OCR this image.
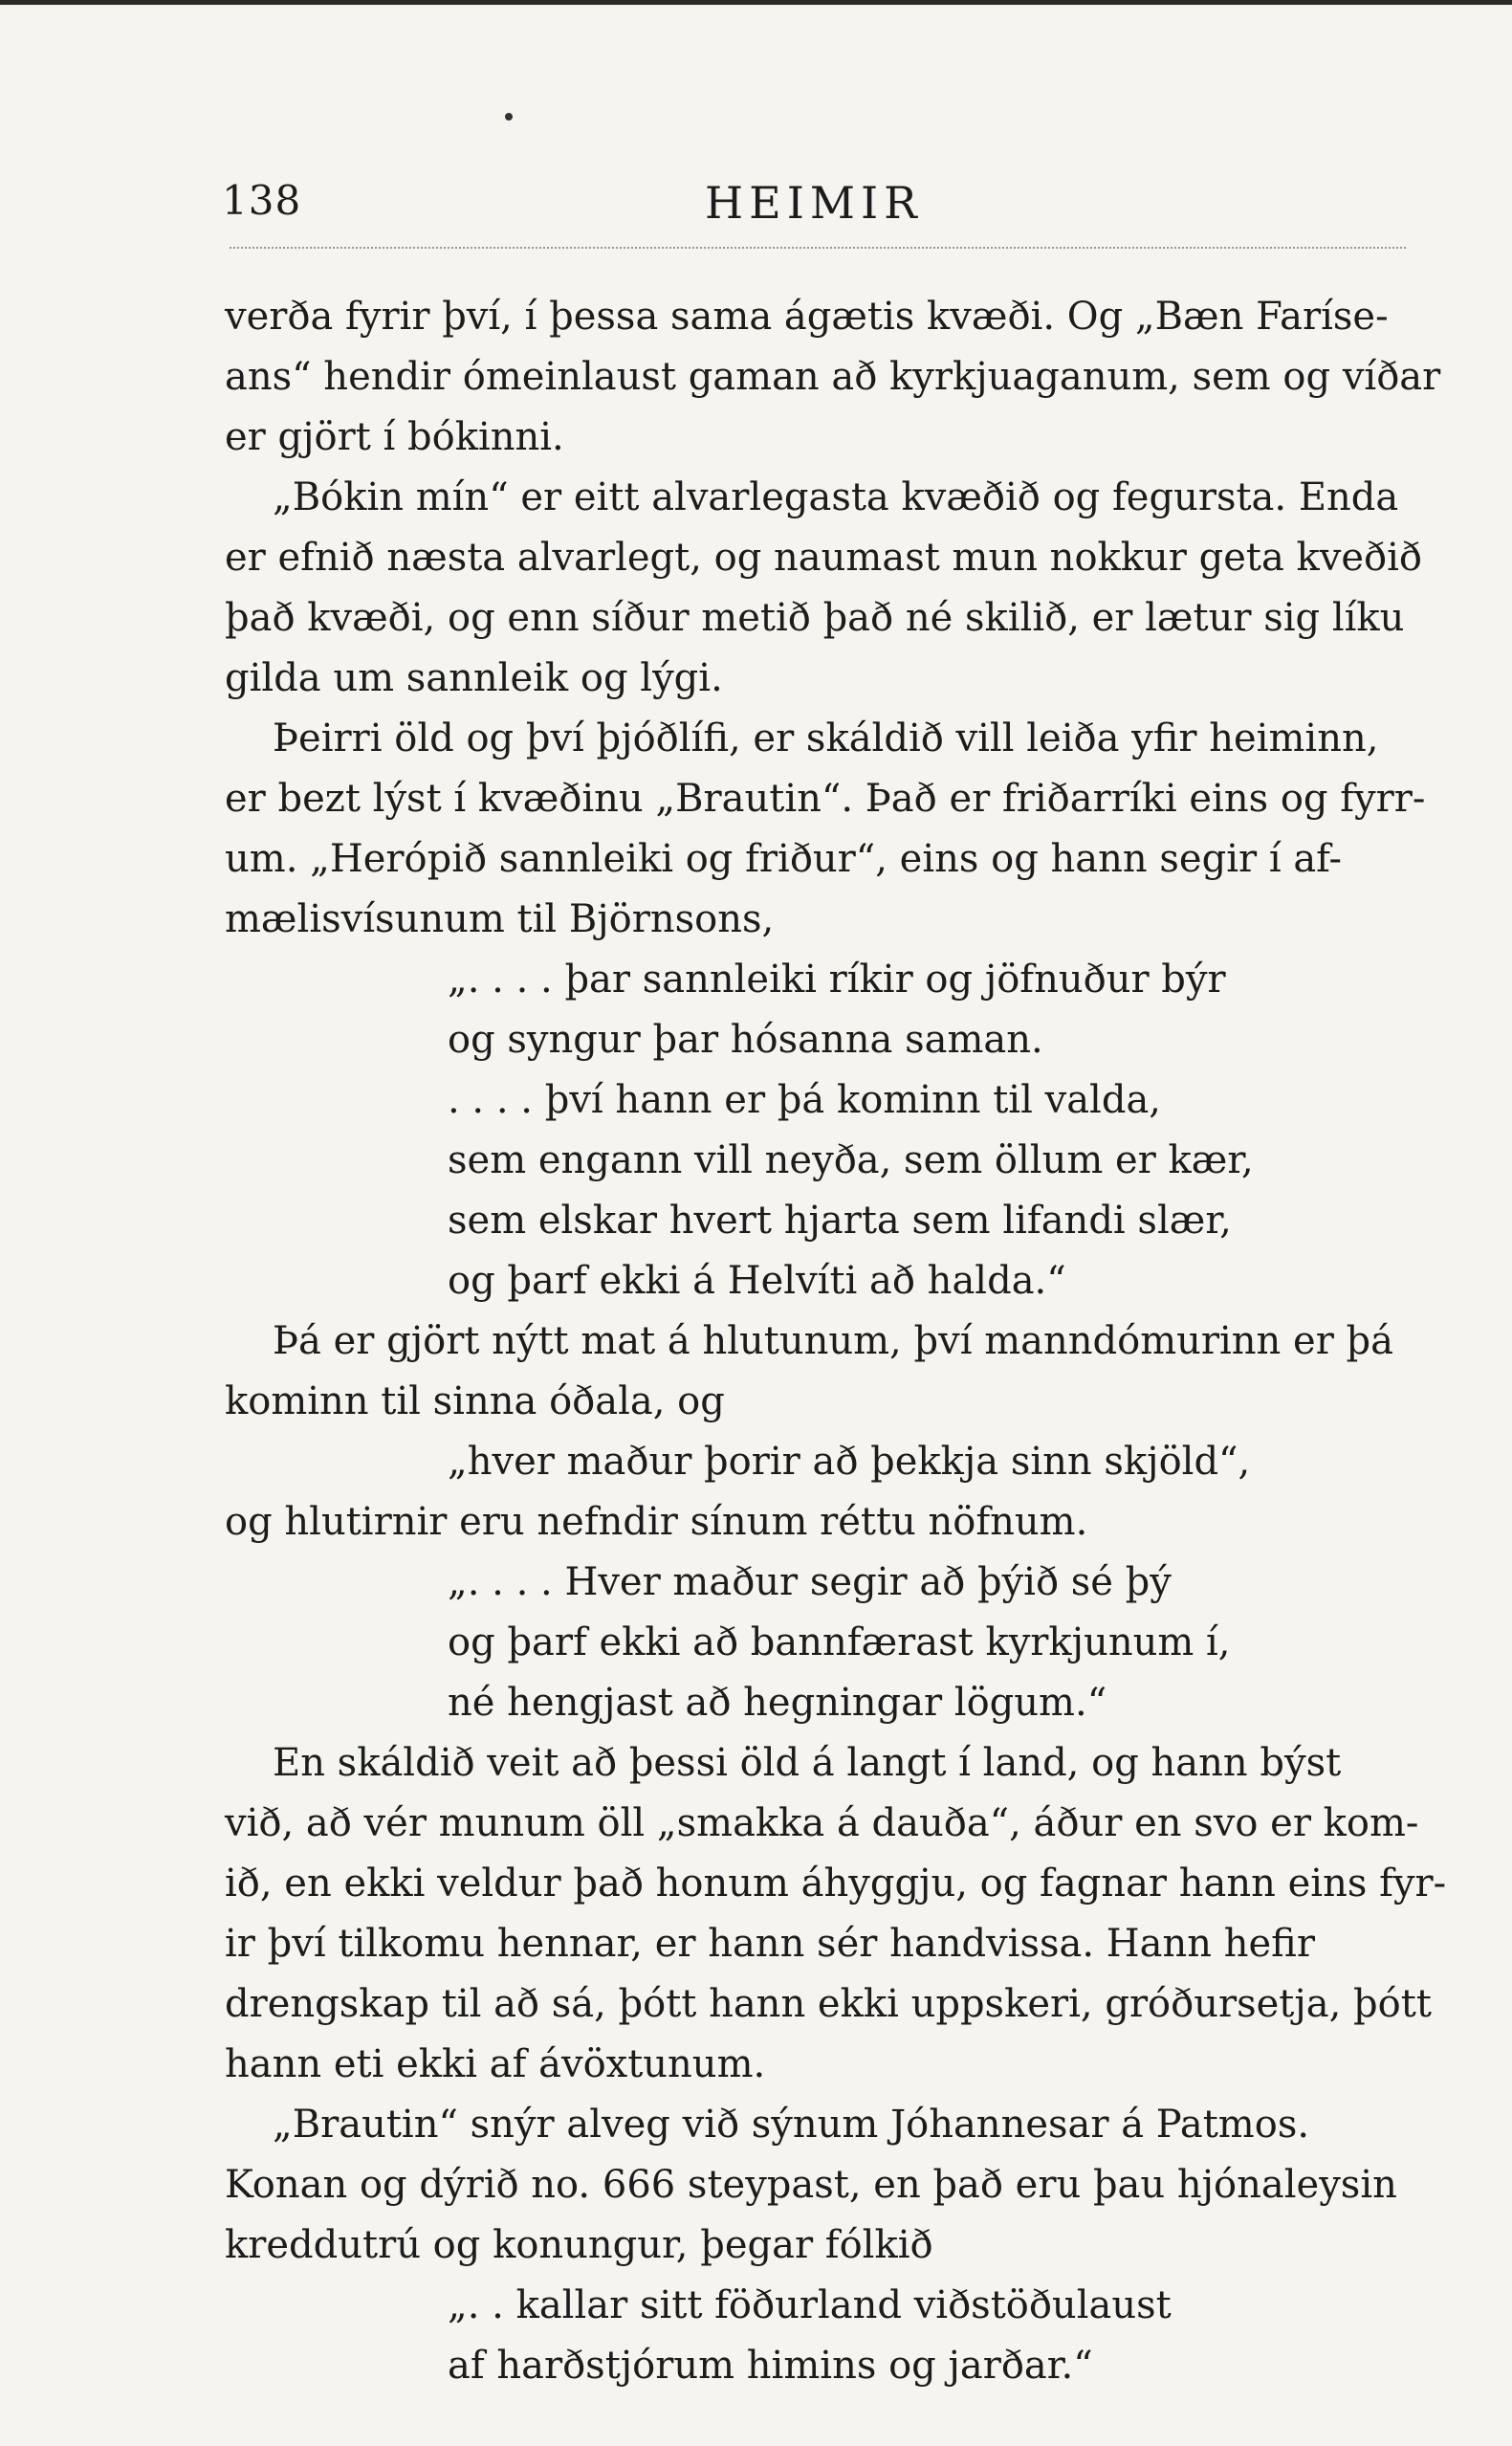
138	HEIMIR
verða fyrir því, í þessa sama ágætis kvæði. Og „Bæn Faríse-
ans“ hendir ómeinlaust gaman að kyrkjuaganum, sem og víðar
er gjört í bókinni.
„Bókin mín“ er eitt alvarlegasta kvæðið og fegursta. Enda
er efnið næsta alvarlegt, og naumast mun nokkur geta kveðið
það kvæði, og enn síður metið það né skilið, er lætur sig líku
gilda um sannleik og lýgi.
Þeirri öld og því þjóðlífi, er skáldið vill leiða yfir heiminn,
er bezt lýst í kvæðinu „Brautin“. Það er friðarríki eins og fyrr-
um. „Herópið sannleiki og friður“, eins og hann segir í af-
mælisvísunum til Björnsons,
„. . . . þar sannleiki ríkir og jöfnuður býr
og syngur þar hósanna saman.
. . . . því hann er þá kominn til valda,
sem engann vill neyða, sem öllum er kær,
sem elskar hvert hjarta sem lifandi slær,
og þarf ekki á Helvíti að halda.“
Þá er gjört nýtt mat á hlutunum, því manndómurinn er þá
kominn til sinna óðala, og
„hver maður þorir að þekkja sinn skjöld“,
og hlutirnir eru nefndir sínum réttu nöfnum.
„. . . . Hver maður segir að þýið sé þý
og þarf ekki að bannfærast kyrkjunum í,
né hengjast að hegningar lögum.“
En skáldið veit að þessi öld á langt í land, og hann býst
við, að vér munum öll „smakka á dauða“, áður en svo er kom-
ið, en ekki veldur það honum áhyggju, og fagnar hann eins fyr-
ir því tilkomu hennar, er hann sér handvissa. Hann hefir
drengskap til að sá, þótt hann ekki uppskeri, gróðursetja, þótt
hann eti ekki af ávöxtunum.
„Brautin“ snýr alveg við sýnum Jóhannesar á Patmos.
Konan og dýrið no. 666 steypast, en það eru þau hjónaleysin
kreddutrú og konungur, þegar fólkið
„. . kallar sitt föðurland viðstöðulaust
af harðstjórum himins og jarðar.“
